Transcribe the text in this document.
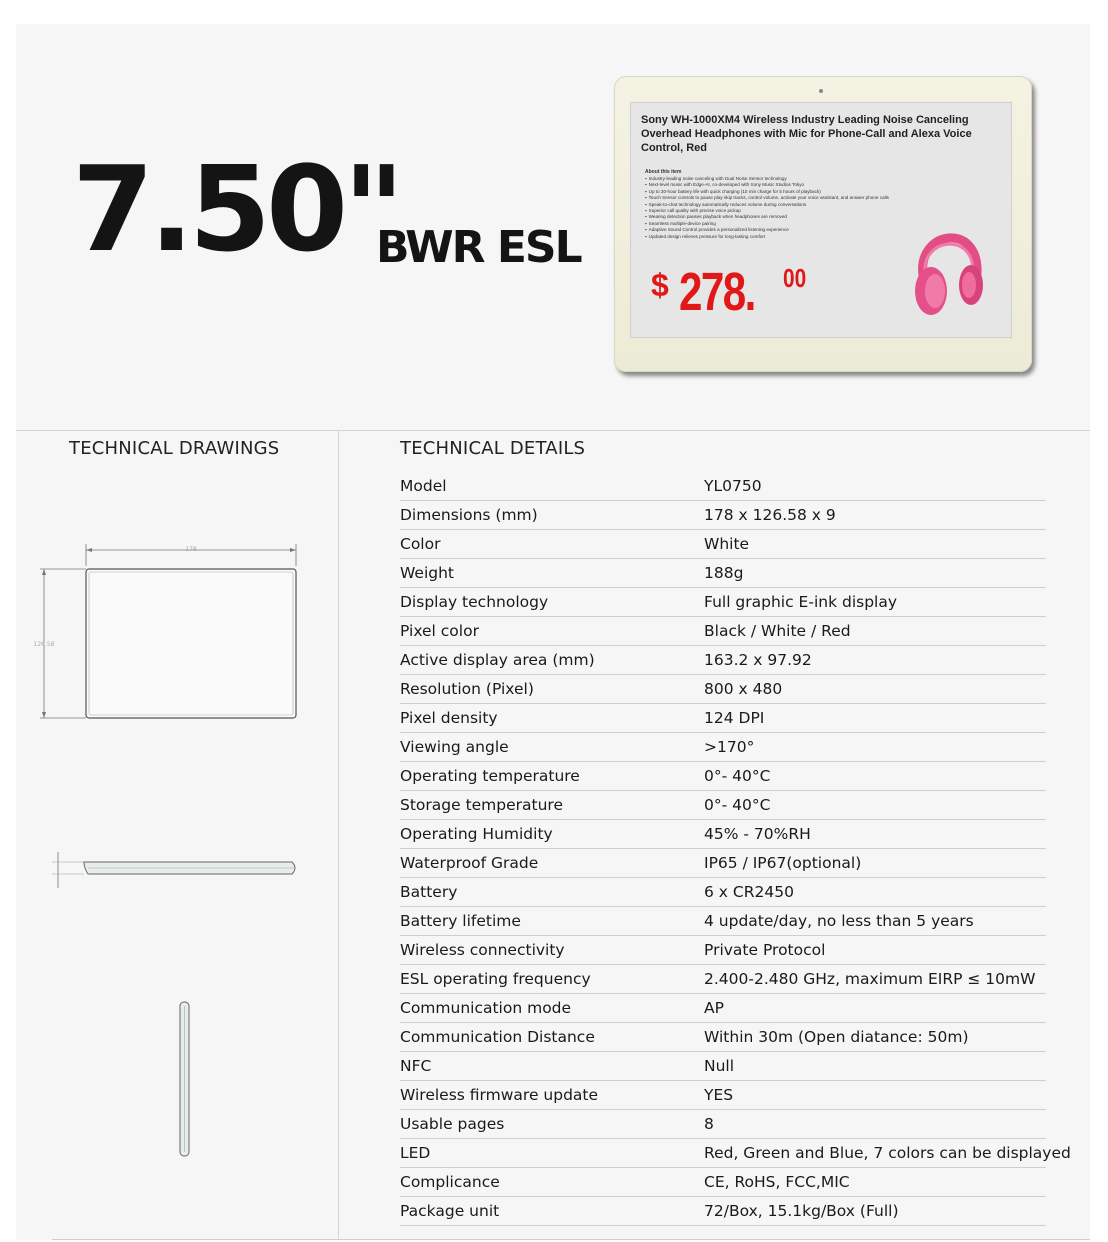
7.50"
BWR ESL
Sony WH-1000XM4 Wireless Industry Leading Noise Canceling Overhead Headphones with Mic for Phone-Call and Alexa Voice Control, Red
About this item
▪ Industry-leading noise canceling with Dual Noise Sensor technology
▪ Next-level music with Edge-AI, co-developed with Sony Music Studios Tokyo
▪ Up to 30-hour battery life with quick charging (10 min charge for 5 hours of playback)
▪ Touch Sensor controls to pause play skip tracks, control volume, activate your voice assistant, and answer phone calls
▪ Speak-to-chat technology automatically reduces volume during conversations
▪ Superior call quality with precise voice pickup
▪ Wearing detection pauses playback when headphones are removed
▪ Seamless multiple-device pairing
▪ Adaptive Sound Control provides a personalized listening experience
▪ Updated design relieves pressure for long-lasting comfort
$ 278. 00
TECHNICAL DRAWINGS	TECHNICAL DETAILS
178
126.58
Model	YL0750
Dimensions (mm)	178 x 126.58 x 9
Color	White
Weight	188g
Display technology	Full graphic E-ink display
Pixel color	Black / White / Red
Active display area (mm)	163.2 x 97.92
Resolution (Pixel)	800 x 480
Pixel density	124 DPI
Viewing angle	>170°
Operating temperature	0°- 40°C
Storage temperature	0°- 40°C
Operating Humidity	45% - 70%RH
Waterproof Grade	IP65 / IP67(optional)
Battery	6 x CR2450
Battery lifetime	4 update/day, no less than 5 years
Wireless connectivity	Private Protocol
ESL operating frequency	2.400-2.480 GHz, maximum EIRP ≤ 10mW
Communication mode	AP
Communication Distance	Within 30m (Open diatance: 50m)
NFC	Null
Wireless firmware update	YES
Usable pages	8
LED	Red, Green and Blue, 7 colors can be displayed
Complicance	CE, RoHS, FCC,MIC
Package unit	72/Box, 15.1kg/Box (Full)
